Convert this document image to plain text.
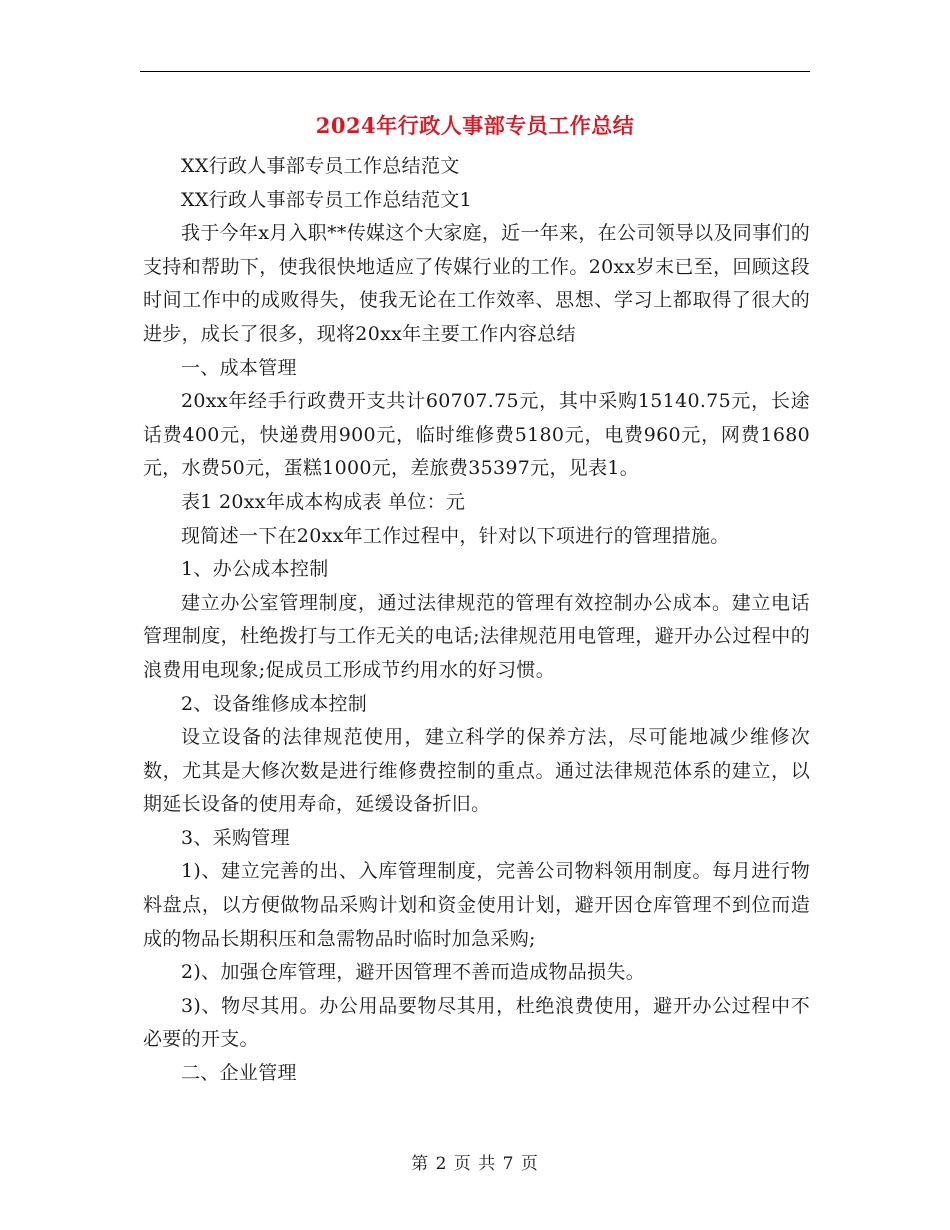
2024年行政人事部专员工作总结

XX行政人事部专员工作总结范文

XX行政人事部专员工作总结范文1

我于今年x月入职**传媒这个大家庭，近一年来，在公司领导以及同事们的支持和帮助下，使我很快地适应了传媒行业的工作。20xx岁末已至，回顾这段时间工作中的成败得失，使我无论在工作效率、思想、学习上都取得了很大的进步，成长了很多，现将20xx年主要工作内容总结

一、成本管理

20xx年经手行政费开支共计60707.75元，其中采购15140.75元，长途话费400元，快递费用900元，临时维修费5180元，电费960元，网费1680元，水费50元，蛋糕1000元，差旅费35397元，见表1。

表1 20xx年成本构成表 单位：元

现简述一下在20xx年工作过程中，针对以下项进行的管理措施。

1、办公成本控制

建立办公室管理制度，通过法律规范的管理有效控制办公成本。建立电话管理制度，杜绝拨打与工作无关的电话;法律规范用电管理，避开办公过程中的浪费用电现象;促成员工形成节约用水的好习惯。

2、设备维修成本控制

设立设备的法律规范使用，建立科学的保养方法，尽可能地减少维修次数，尤其是大修次数是进行维修费控制的重点。通过法律规范体系的建立，以期延长设备的使用寿命，延缓设备折旧。

3、采购管理

1)、建立完善的出、入库管理制度，完善公司物料领用制度。每月进行物料盘点，以方便做物品采购计划和资金使用计划，避开因仓库管理不到位而造成的物品长期积压和急需物品时临时加急采购;

2)、加强仓库管理，避开因管理不善而造成物品损失。

3)、物尽其用。办公用品要物尽其用，杜绝浪费使用，避开办公过程中不必要的开支。

二、企业管理

第 2 页 共 7 页
